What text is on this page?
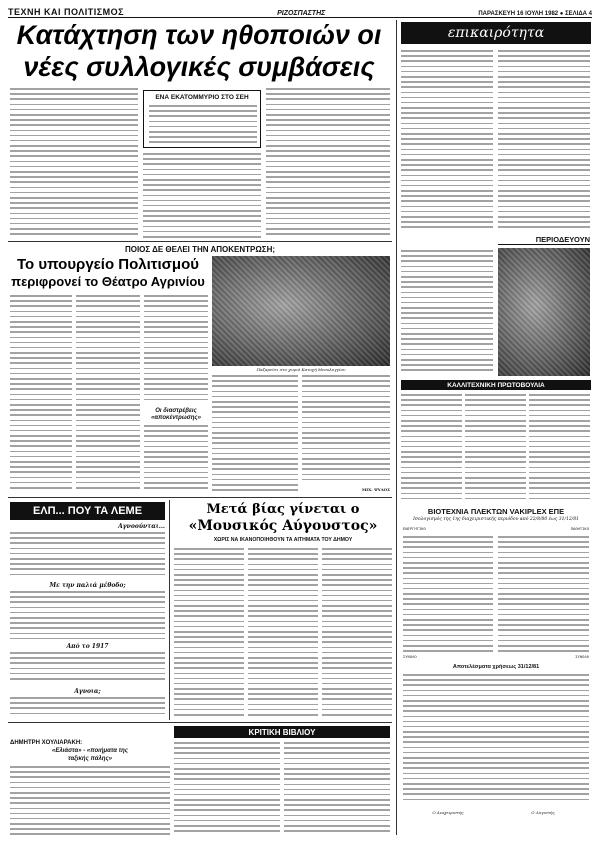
ΤΕΧΝΗ ΚΑΙ ΠΟΛΙΤΙΣΜΟΣ	ΡΙΖΟΣΠΑΣΤΗΣ	ΠΑΡΑΣΚΕΥΗ 16 ΙΟΥΛΗ 1982 ● ΣΕΛΙΔΑ 4
Κατάχτηση των ηθοποιών οι
νέες συλλογικές συμβάσεις
ΕΝΑ ΕΚΑΤΟΜΜΥΡΙΟ ΣΤΟ ΣΕΗ
επικαιρότητα
ΠΕΡΙΟΔΕΥΟΥΝ
ΚΑΛΛΙΤΕΧΝΙΚΗ ΠΡΩΤΟΒΟΥΛΙΑ
ΠΟΙΟΣ ΔΕ ΘΕΛΕΙ ΤΗΝ ΑΠΟΚΕΝΤΡΩΣΗ;
Το υπουργείο Πολιτισμού
περιφρονεί το Θέατρο Αγρινίου
Παζαρεύει στο χωριό Κατοχή Μεσολογγίου
Οι διαστρέβεις «αποκέντρωσης»
ΜΙΧ. ΨΥΛΟΣ
ΕΛΠ... ΠΟΥ ΤΑ ΛΕΜΕ
Αγνοούνται...
Με την παλιά μέθοδο;
Από το 1917
Αγνοια;
Μετά βίας γίνεται ο
«Μουσικός Αύγουστος»
ΧΩΡΙΣ ΝΑ ΙΚΑΝΟΠΟΙΗΘΟΥΝ ΤΑ ΑΙΤΗΜΑΤΑ ΤΟΥ ΔΗΜΟΥ
ΒΙΟΤΕΧΝΙΑ ΠΛΕΚΤΩΝ VAKIPLEX ΕΠΕ
Ισολογισμός της 1ης διαχειριστικής περιόδου από 22/8/80 έως 31/12/81
ΕΝΕΡΓΗΤΙΚΟ	ΠΑΘΗΤΙΚΟ
ΣΥΝΟΛΟ	ΣΥΝΟΛΟ
Αποτελέσματα χρήσεως 31/12/81
Ο Διαχειριστής	Ο Λογιστής
ΚΡΙΤΙΚΗ ΒΙΒΛΙΟΥ
ΔΗΜΗΤΡΗ ΧΟΥΛΙΑΡΑΚΗ:
«Ελιάστα» - «ποιήματα της
ταξικής πάλης»
